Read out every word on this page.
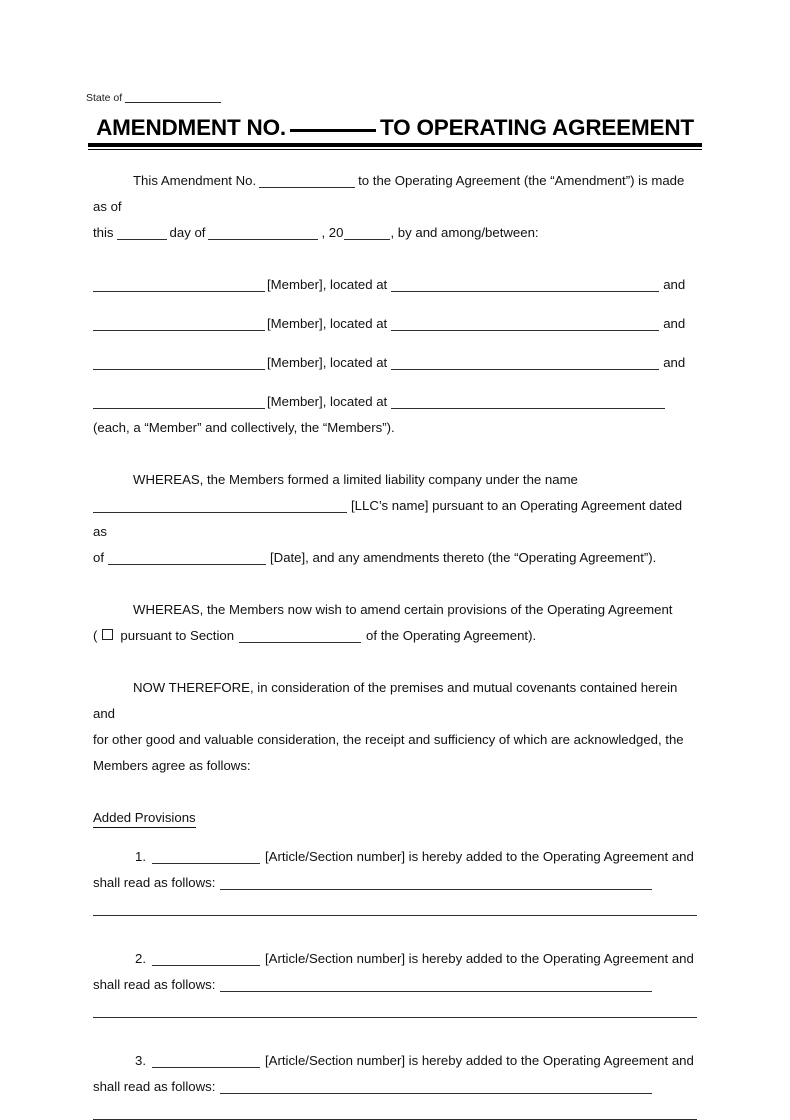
State of
AMENDMENT NO.	TO OPERATING AGREEMENT
This Amendment No.	to the Operating Agreement (the “Amendment”) is made as of
this	day of	, 20	, by and among/between:
[Member], located at	and
[Member], located at	and
[Member], located at	and
[Member], located at
(each, a “Member” and collectively, the “Members”).
WHEREAS, the Members formed a limited liability company under the name
[LLC’s name] pursuant to an Operating Agreement dated as
of	[Date], and any amendments thereto (the “Operating Agreement”).
WHEREAS, the Members now wish to amend certain provisions of the Operating Agreement
( pursuant to Section	of the Operating Agreement).
NOW THEREFORE, in consideration of the premises and mutual covenants contained herein and
for other good and valuable consideration, the receipt and sufficiency of which are acknowledged, the
Members agree as follows:
Added Provisions
1.	[Article/Section number] is hereby added to the Operating Agreement and
shall read as follows:
2.	[Article/Section number] is hereby added to the Operating Agreement and
shall read as follows:
3.	[Article/Section number] is hereby added to the Operating Agreement and
shall read as follows:
